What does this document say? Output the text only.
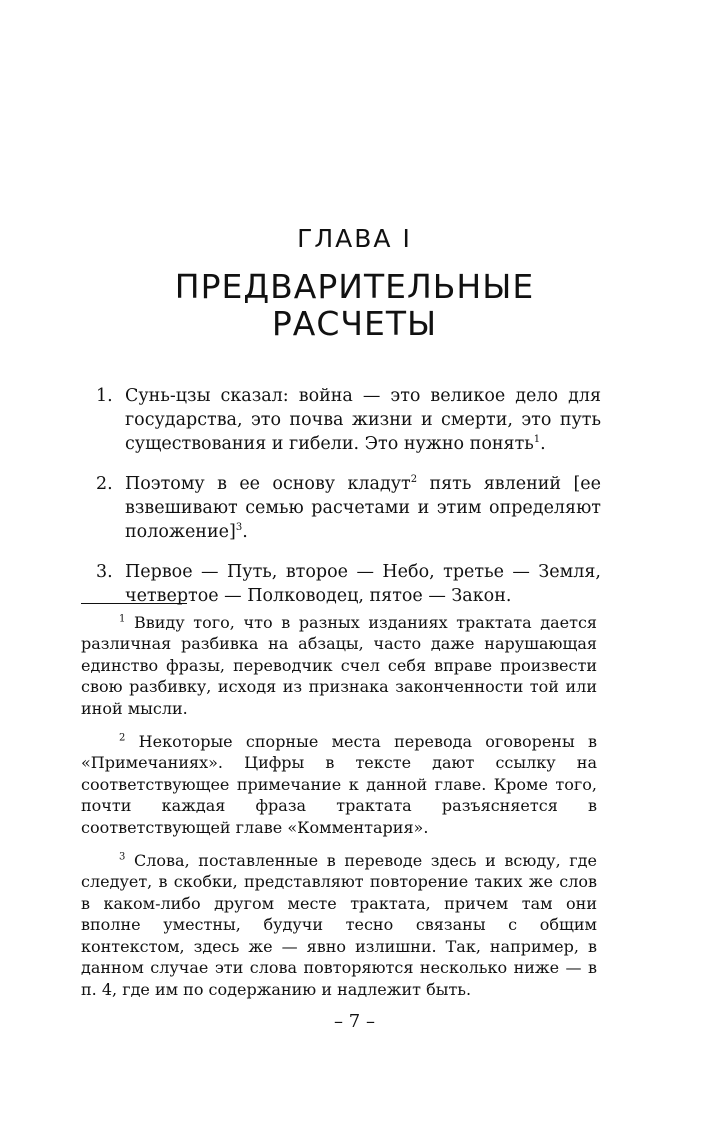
ГЛАВА I
ПРЕДВАРИТЕЛЬНЫЕ
РАСЧЕТЫ
1. Сунь-цзы сказал: война — это великое дело для государства, это почва жизни и смерти, это путь существования и гибели. Это нужно понять$^1$.
2. Поэтому в ее основу кладут$^2$ пять явлений [ее взвешивают семью расчетами и этим определяют положение]$^3$.
3. Первое — Путь, второе — Небо, третье — Земля, четвертое — Полководец, пятое — Закон.

$^1$ Ввиду того, что в разных изданиях трактата дается различная разбивка на абзацы, часто даже нарушающая единство фразы, переводчик счел себя вправе произвести свою разбивку, исходя из признака законченности той или иной мысли.

$^2$ Некоторые спорные места перевода оговорены в «Примечаниях». Цифры в тексте дают ссылку на соответствующее примечание к данной главе. Кроме того, почти каждая фраза трактата разъясняется в соответствующей главе «Комментария».

$^3$ Слова, поставленные в переводе здесь и всюду, где следует, в скобки, представляют повторение таких же слов в каком-либо другом месте трактата, причем там они вполне уместны, будучи тесно связаны с общим контекстом, здесь же — явно излишни. Так, например, в данном случае эти слова повторяются несколько ниже — в п. 4, где им по содержанию и надлежит быть.

– 7 –
